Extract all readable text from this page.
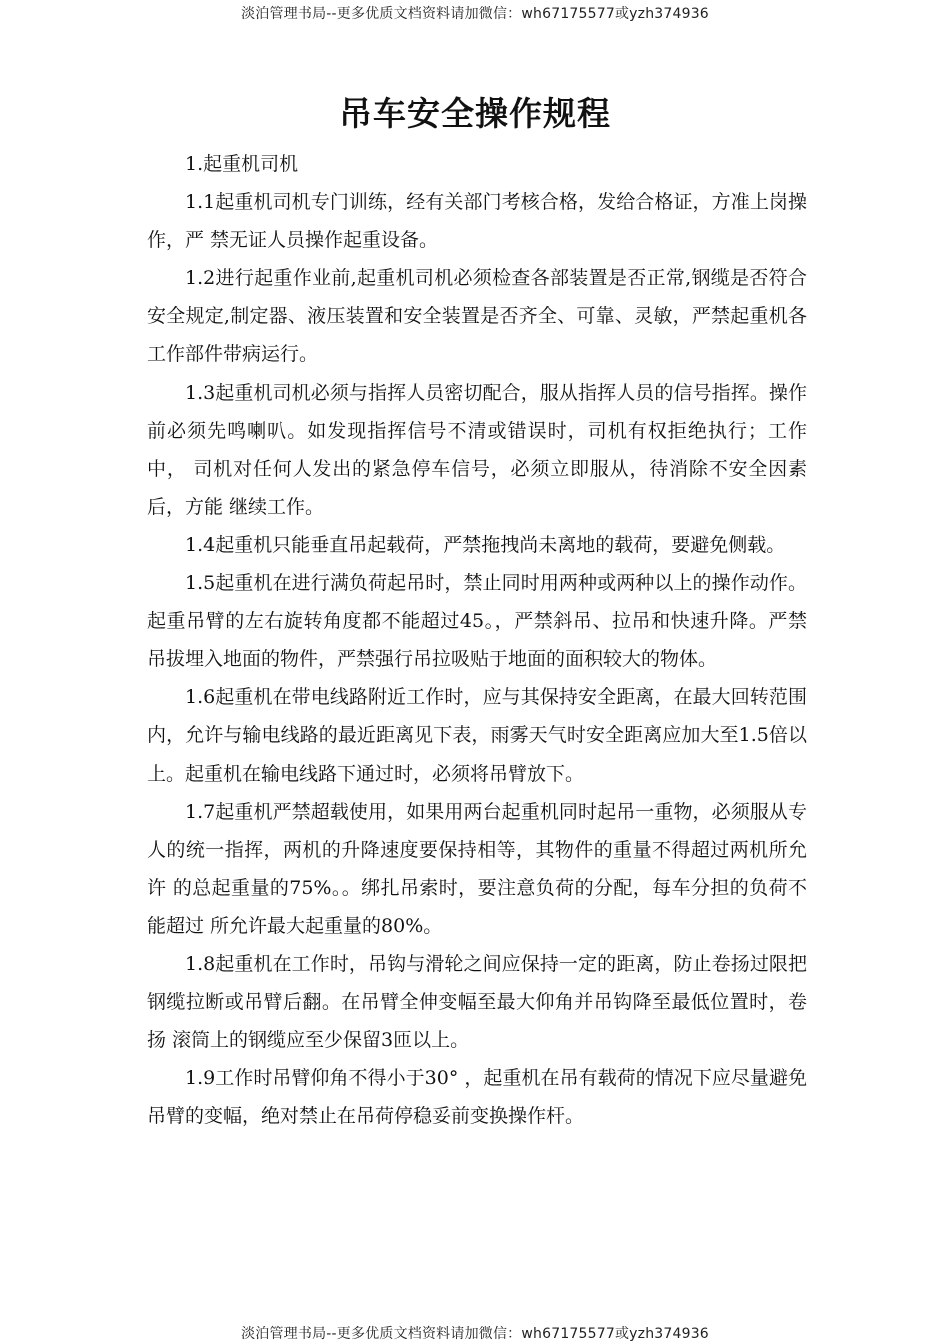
淡泊管理书局--更多优质文档资料请加微信：wh67175577或yzh374936
吊车安全操作规程

1.起重机司机

1.1起重机司机专门训练，经有关部门考核合格，发给合格证，方准上岗操作，严 禁无证人员操作起重设备。

1.2进行起重作业前,起重机司机必须检查各部装置是否正常,钢缆是否符合安全规定,制定器、液压装置和安全装置是否齐全、可靠、灵敏，严禁起重机各 工作部件带病运行。

1.3起重机司机必须与指挥人员密切配合，服从指挥人员的信号指挥。操作 前必须先鸣喇叭。如发现指挥信号不清或错误时，司机有权拒绝执行；工作中， 司机对任何人发出的紧急停车信号，必须立即服从，待消除不安全因素后，方能 继续工作。

1.4起重机只能垂直吊起载荷，严禁拖拽尚未离地的载荷，要避免侧载。

1.5起重机在进行满负荷起吊时，禁止同时用两种或两种以上的操作动作。 起重吊臂的左右旋转角度都不能超过45。，严禁斜吊、拉吊和快速升降。严禁 吊拔埋入地面的物件，严禁强行吊拉吸贴于地面的面积较大的物体。

1.6起重机在带电线路附近工作时，应与其保持安全距离，在最大回转范围 内，允许与输电线路的最近距离见下表，雨雾天气时安全距离应加大至1.5倍以 上。起重机在输电线路下通过时，必须将吊臂放下。

1.7起重机严禁超载使用，如果用两台起重机同时起吊一重物，必须服从专 人的统一指挥，两机的升降速度要保持相等，其物件的重量不得超过两机所允许 的总起重量的75%。。绑扎吊索时，要注意负荷的分配，每车分担的负荷不能超过 所允许最大起重量的80%。

1.8起重机在工作时，吊钩与滑轮之间应保持一定的距离，防止卷扬过限把 钢缆拉断或吊臂后翻。在吊臂全伸变幅至最大仰角并吊钩降至最低位置时，卷扬 滚筒上的钢缆应至少保留3匝以上。

1.9工作时吊臂仰角不得小于30° ，起重机在吊有载荷的情况下应尽量避免 吊臂的变幅，绝对禁止在吊荷停稳妥前变换操作杆。

淡泊管理书局--更多优质文档资料请加微信：wh67175577或yzh374936
